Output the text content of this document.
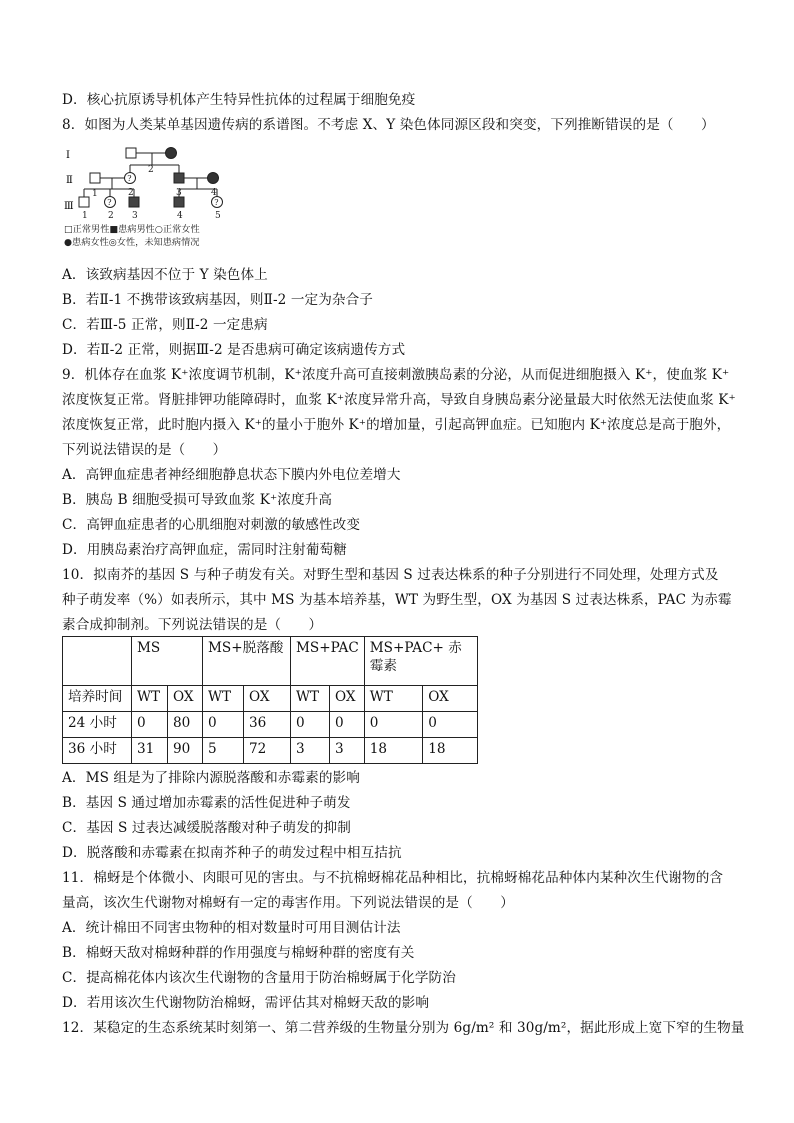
D．核心抗原诱导机体产生特异性抗体的过程属于细胞免疫
8．如图为人类某单基因遗传病的系谱图。不考虑 X、Y 染色体同源区段和突变，下列推断错误的是（　　）
Ⅰ
Ⅱ
Ⅲ
?
?	?
2
1	2	3	4
1 2 3	4	5
□正常男性■患病男性○正常女性
●患病女性◎女性，未知患病情况
A．该致病基因不位于 Y 染色体上
B．若Ⅱ-1 不携带该致病基因，则Ⅱ-2 一定为杂合子
C．若Ⅲ-5 正常，则Ⅱ-2 一定患病
D．若Ⅱ-2 正常，则据Ⅲ-2 是否患病可确定该病遗传方式
9．机体存在血浆 K⁺浓度调节机制，K⁺浓度升高可直接刺激胰岛素的分泌，从而促进细胞摄入 K⁺，使血浆 K⁺
浓度恢复正常。肾脏排钾功能障碍时，血浆 K⁺浓度异常升高，导致自身胰岛素分泌量最大时依然无法使血浆 K⁺
浓度恢复正常，此时胞内摄入 K⁺的量小于胞外 K⁺的增加量，引起高钾血症。已知胞内 K⁺浓度总是高于胞外，
下列说法错误的是（　　）
A．高钾血症患者神经细胞静息状态下膜内外电位差增大
B．胰岛 B 细胞受损可导致血浆 K⁺浓度升高
C．高钾血症患者的心肌细胞对刺激的敏感性改变
D．用胰岛素治疗高钾血症，需同时注射葡萄糖
10．拟南芥的基因 S 与种子萌发有关。对野生型和基因 S 过表达株系的种子分别进行不同处理，处理方式及
种子萌发率（%）如表所示，其中 MS 为基本培养基，WT 为野生型，OX 为基因 S 过表达株系，PAC 为赤霉
素合成抑制剂。下列说法错误的是（　　）
	MS		MS+脱落酸		MS+PAC		MS+PAC+ 赤 霉素	
培养时间	WT	OX	WT	OX	WT	OX	WT	OX
24 小时	0	80	0	36	0	0	0	0
36 小时	31	90	5	72	3	3	18	18
A．MS 组是为了排除内源脱落酸和赤霉素的影响
B．基因 S 通过增加赤霉素的活性促进种子萌发
C．基因 S 过表达减缓脱落酸对种子萌发的抑制
D．脱落酸和赤霉素在拟南芥种子的萌发过程中相互拮抗
11．棉蚜是个体微小、肉眼可见的害虫。与不抗棉蚜棉花品种相比，抗棉蚜棉花品种体内某种次生代谢物的含
量高，该次生代谢物对棉蚜有一定的毒害作用。下列说法错误的是（　　）
A．统计棉田不同害虫物种的相对数量时可用目测估计法
B．棉蚜天敌对棉蚜种群的作用强度与棉蚜种群的密度有关
C．提高棉花体内该次生代谢物的含量用于防治棉蚜属于化学防治
D．若用该次生代谢物防治棉蚜，需评估其对棉蚜天敌的影响
12．某稳定的生态系统某时刻第一、第二营养级的生物量分别为 6g/m² 和 30g/m²，据此形成上宽下窄的生物量
